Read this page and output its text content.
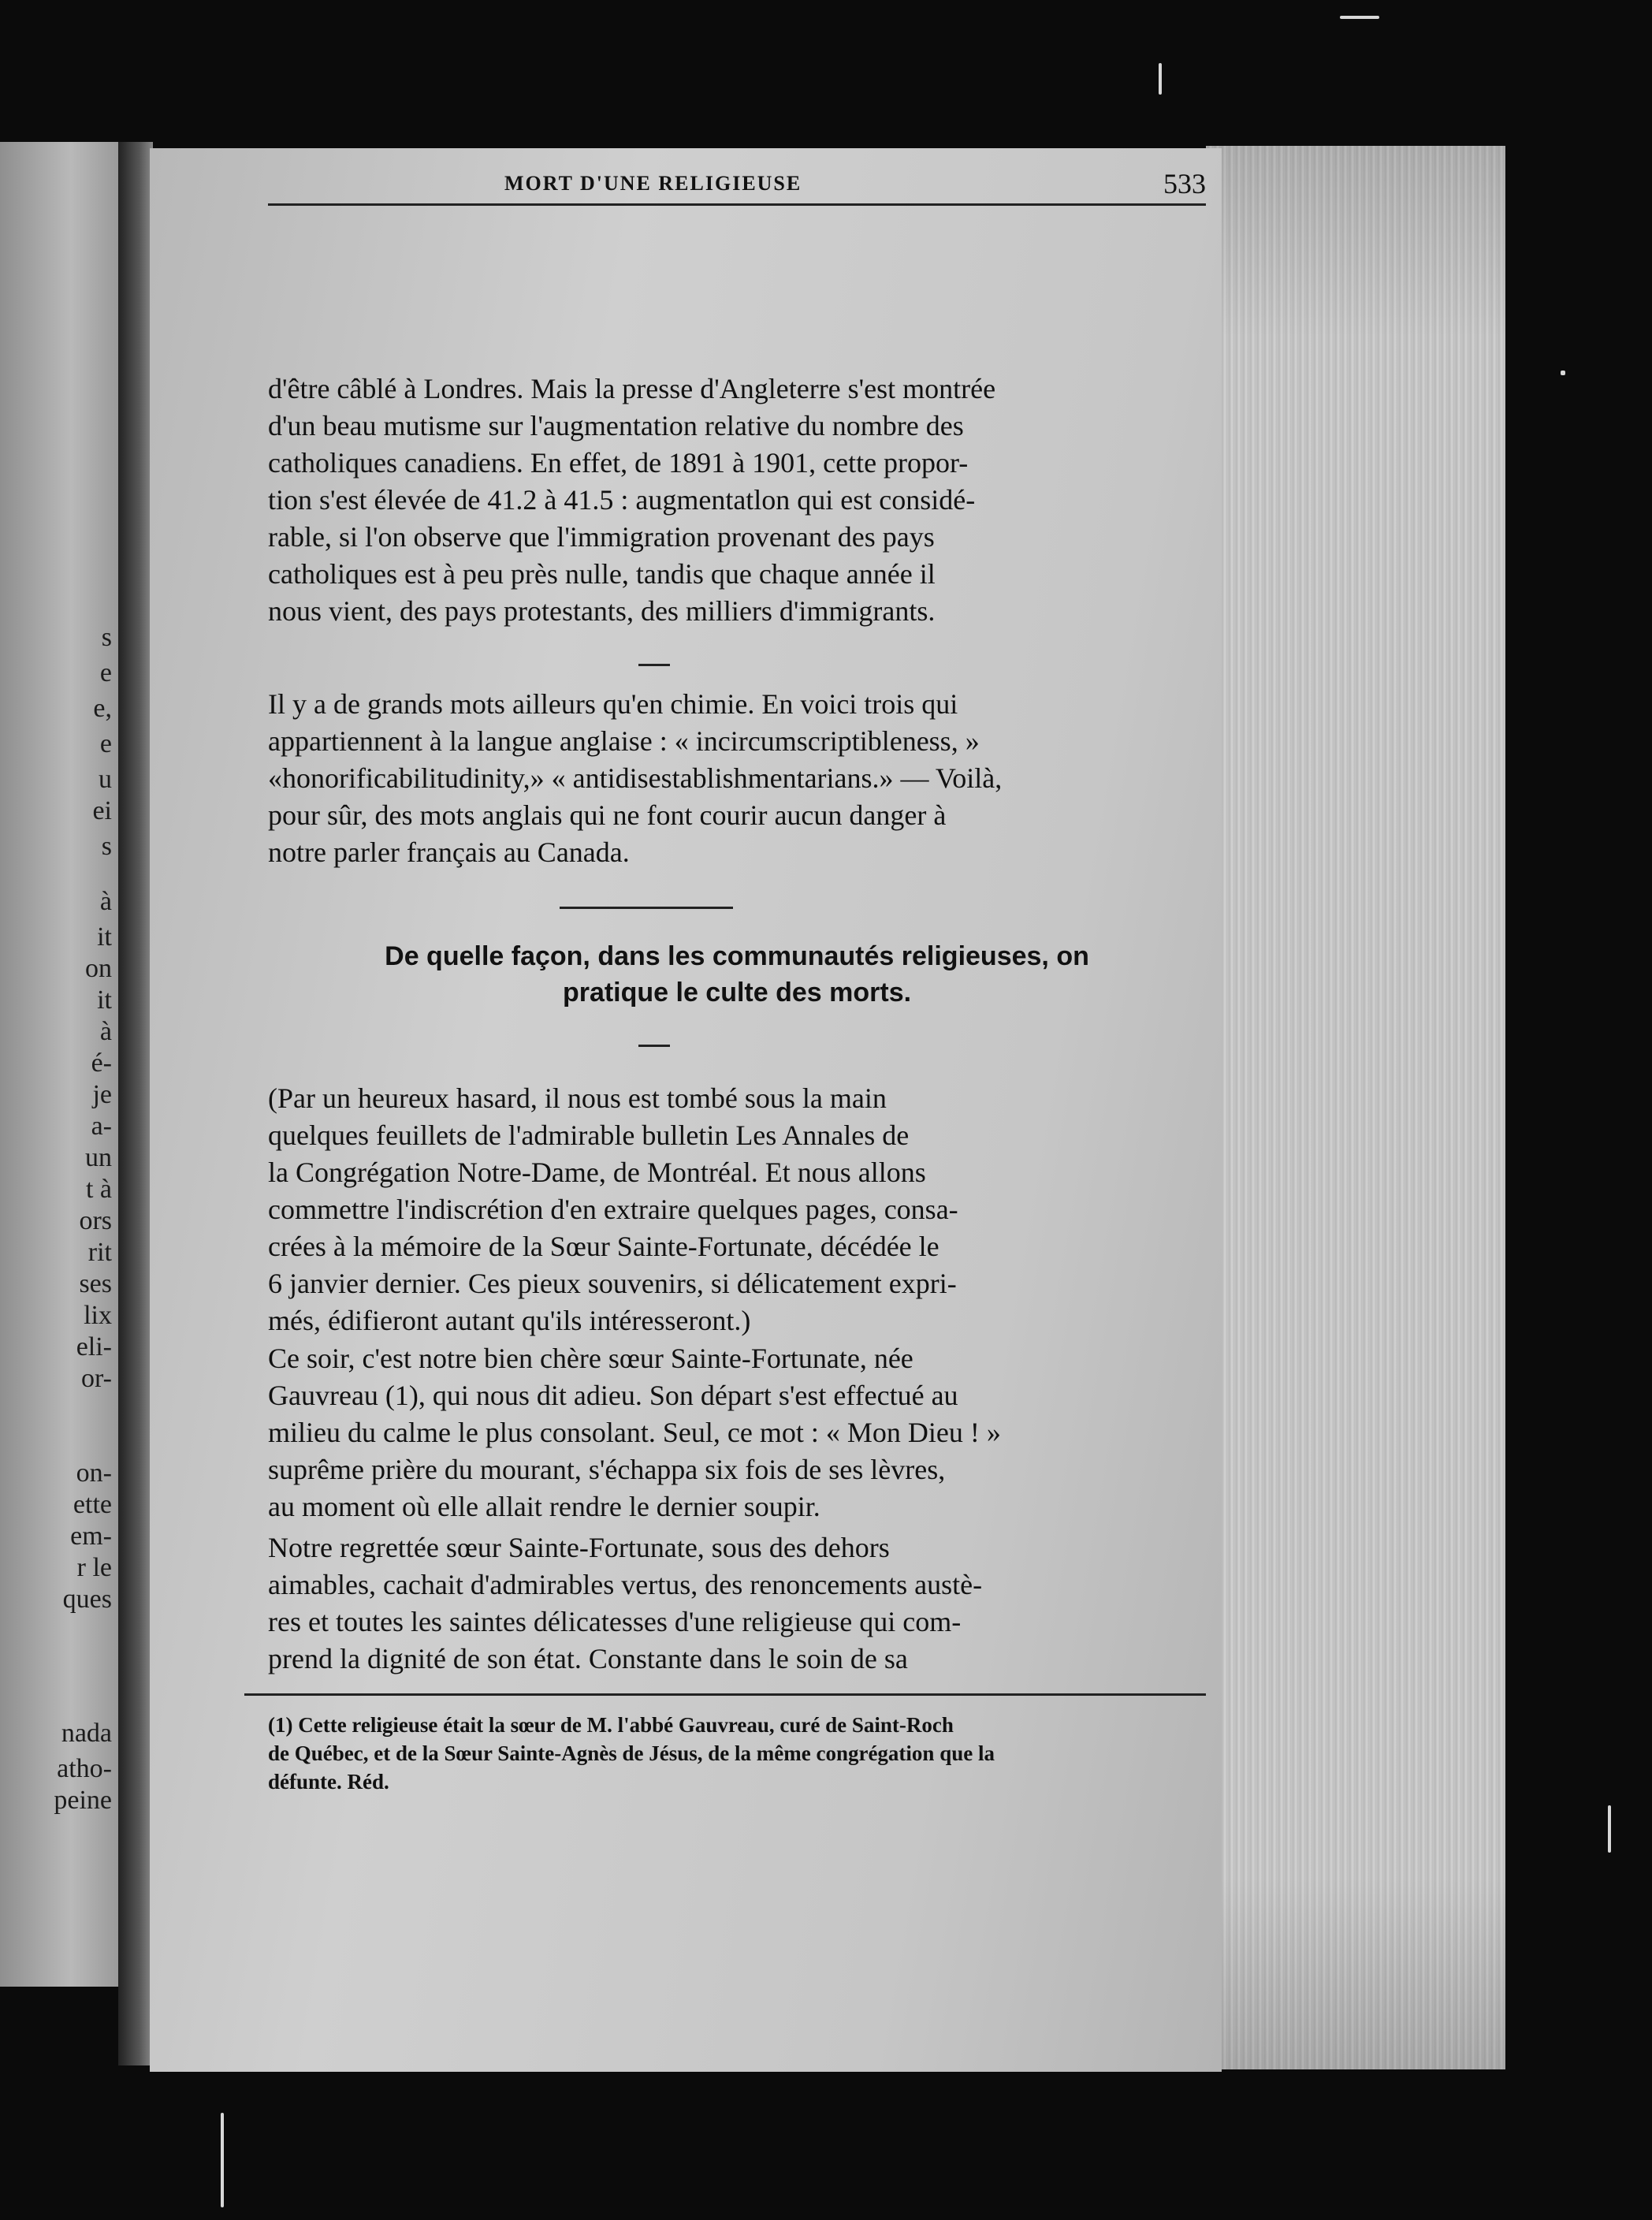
s
e
e,
e
u
ei
s
à
it
on
it
à
é-
je
a-
un
t à
ors
rit
ses
lix
eli-
or-
on-
ette
em-
r le
ques
nada
atho-
peine
MORT D'UNE RELIGIEUSE	533
d'être câblé à Londres. Mais la presse d'Angleterre s'est montrée
d'un beau mutisme sur l'augmentation relative du nombre des
catholiques canadiens. En effet, de 1891 à 1901, cette propor-
tion s'est élevée de 41.2 à 41.5 : augmentatlon qui est considé-
rable, si l'on observe que l'immigration provenant des pays
catholiques est à peu près nulle, tandis que chaque année il
nous vient, des pays protestants, des milliers d'immigrants.
Il y a de grands mots ailleurs qu'en chimie. En voici trois qui
appartiennent à la langue anglaise : « incircumscriptibleness, »
«honorificabilitudinity,» « antidisestablishmentarians.» — Voilà,
pour sûr, des mots anglais qui ne font courir aucun danger à
notre parler français au Canada.
De quelle façon, dans les communautés religieuses, on
pratique le culte des morts.
(Par un heureux hasard, il nous est tombé sous la main
quelques feuillets de l'admirable bulletin Les Annales de
la Congrégation Notre-Dame, de Montréal. Et nous allons
commettre l'indiscrétion d'en extraire quelques pages, consa-
crées à la mémoire de la Sœur Sainte-Fortunate, décédée le
6 janvier dernier. Ces pieux souvenirs, si délicatement expri-
més, édifieront autant qu'ils intéresseront.)
Ce soir, c'est notre bien chère sœur Sainte-Fortunate, née
Gauvreau (1), qui nous dit adieu. Son départ s'est effectué au
milieu du calme le plus consolant. Seul, ce mot : « Mon Dieu ! »
suprême prière du mourant, s'échappa six fois de ses lèvres,
au moment où elle allait rendre le dernier soupir.
Notre regrettée sœur Sainte-Fortunate, sous des dehors
aimables, cachait d'admirables vertus, des renoncements austè-
res et toutes les saintes délicatesses d'une religieuse qui com-
prend la dignité de son état. Constante dans le soin de sa
(1) Cette religieuse était la sœur de M. l'abbé Gauvreau, curé de Saint-Roch
de Québec, et de la Sœur Sainte-Agnès de Jésus, de la même congrégation que la
défunte. Réd.
